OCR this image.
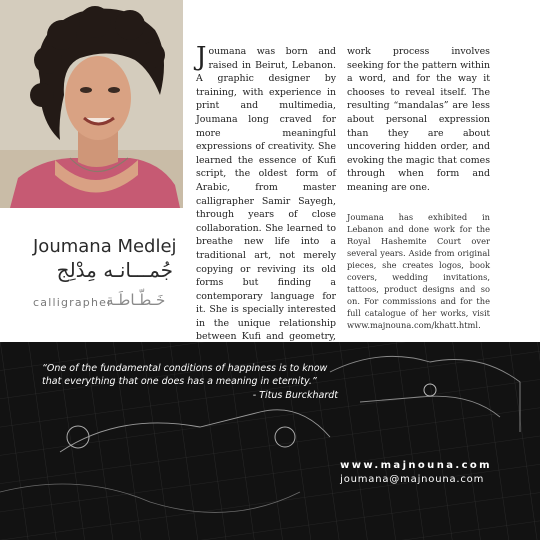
Joumana Medlej
جُمـــانـه مِدْلِج
calligrapher
خَـطّـاطَـة

Joumana was born and raised in Beirut, Lebanon. A graphic designer by training, with experience in print and multimedia, Joumana long craved for more meaningful expressions of creativity. She learned the essence of Kufi script, the oldest form of Arabic, from master calligrapher Samir Sayegh, through years of close collaboration. She learned to breathe new life into a traditional art, not merely copying or reviving its old forms but finding a contemporary language for it. She is specially interested in the unique relationship between Kufi and geometry,

work process involves seeking for the pattern within a word, and for the way it chooses to reveal itself. The resulting “mandalas” are less about personal expression than they are about uncovering hidden order, and evoking the magic that comes through when form and meaning are one.

Joumana has exhibited in Lebanon and done work for the Royal Hashemite Court over several years. Aside from original pieces, she creates logos, book covers, wedding invitations, tattoos, product designs and so on. For commissions and for the full catalogue of her works, visit www.majnouna.com/khatt.html.

“One of the fundamental conditions of happiness is to know that everything that one does has a meaning in eternity.”
- Titus Burckhardt
www.majnouna.com
joumana@majnouna.com
